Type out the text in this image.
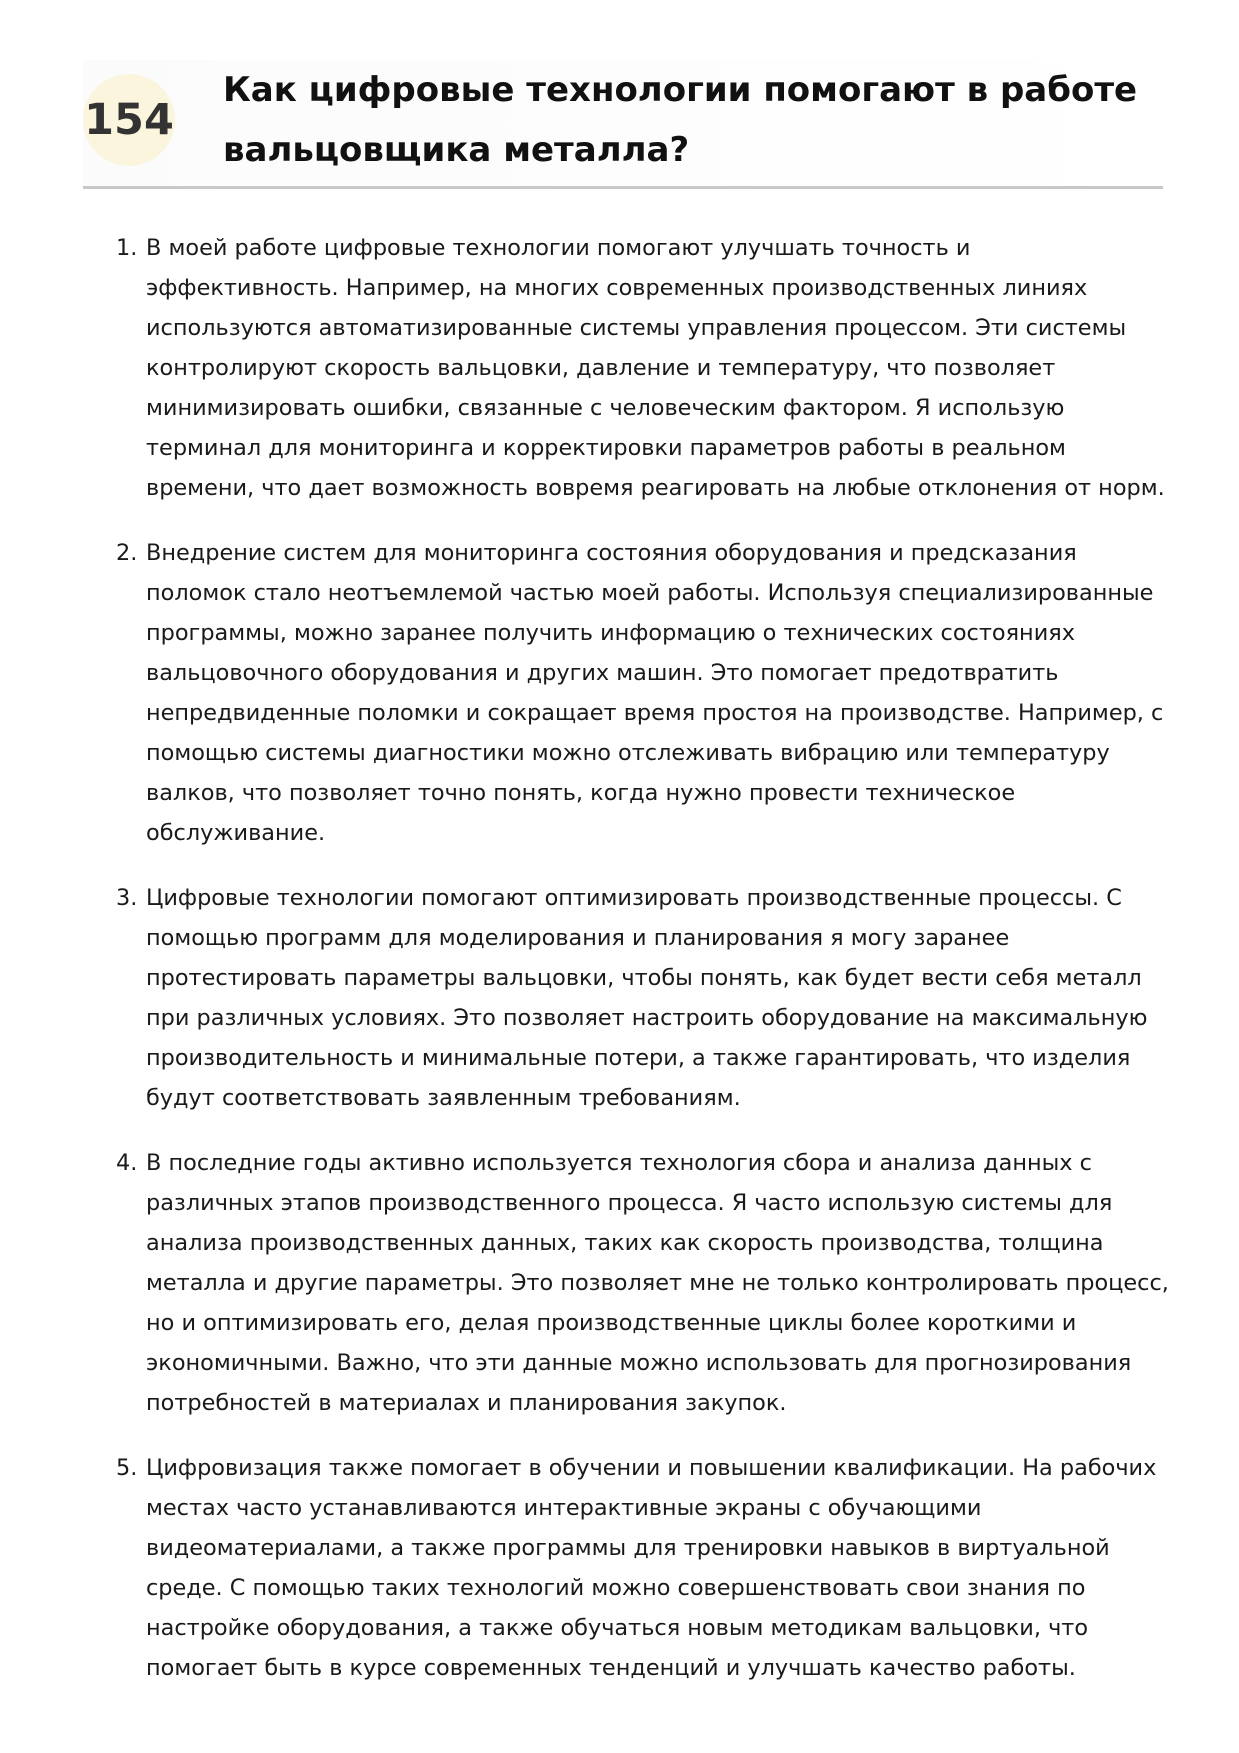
154
Как цифровые технологии помогают в работе вальцовщика металла?
1. В моей работе цифровые технологии помогают улучшать точность и эффективность. Например, на многих современных производственных линиях используются автоматизированные системы управления процессом. Эти системы контролируют скорость вальцовки, давление и температуру, что позволяет минимизировать ошибки, связанные с человеческим фактором. Я использую терминал для мониторинга и корректировки параметров работы в реальном времени, что дает возможность вовремя реагировать на любые отклонения от норм.
2. Внедрение систем для мониторинга состояния оборудования и предсказания поломок стало неотъемлемой частью моей работы. Используя специализированные программы, можно заранее получить информацию о технических состояниях вальцовочного оборудования и других машин. Это помогает предотвратить непредвиденные поломки и сокращает время простоя на производстве. Например, с помощью системы диагностики можно отслеживать вибрацию или температуру валков, что позволяет точно понять, когда нужно провести техническое обслуживание.
3. Цифровые технологии помогают оптимизировать производственные процессы. С помощью программ для моделирования и планирования я могу заранее протестировать параметры вальцовки, чтобы понять, как будет вести себя металл при различных условиях. Это позволяет настроить оборудование на максимальную производительность и минимальные потери, а также гарантировать, что изделия будут соответствовать заявленным требованиям.
4. В последние годы активно используется технология сбора и анализа данных с различных этапов производственного процесса. Я часто использую системы для анализа производственных данных, таких как скорость производства, толщина металла и другие параметры. Это позволяет мне не только контролировать процесс, но и оптимизировать его, делая производственные циклы более короткими и экономичными. Важно, что эти данные можно использовать для прогнозирования потребностей в материалах и планирования закупок.
5. Цифровизация также помогает в обучении и повышении квалификации. На рабочих местах часто устанавливаются интерактивные экраны с обучающими видеоматериалами, а также программы для тренировки навыков в виртуальной среде. С помощью таких технологий можно совершенствовать свои знания по настройке оборудования, а также обучаться новым методикам вальцовки, что помогает быть в курсе современных тенденций и улучшать качество работы.
